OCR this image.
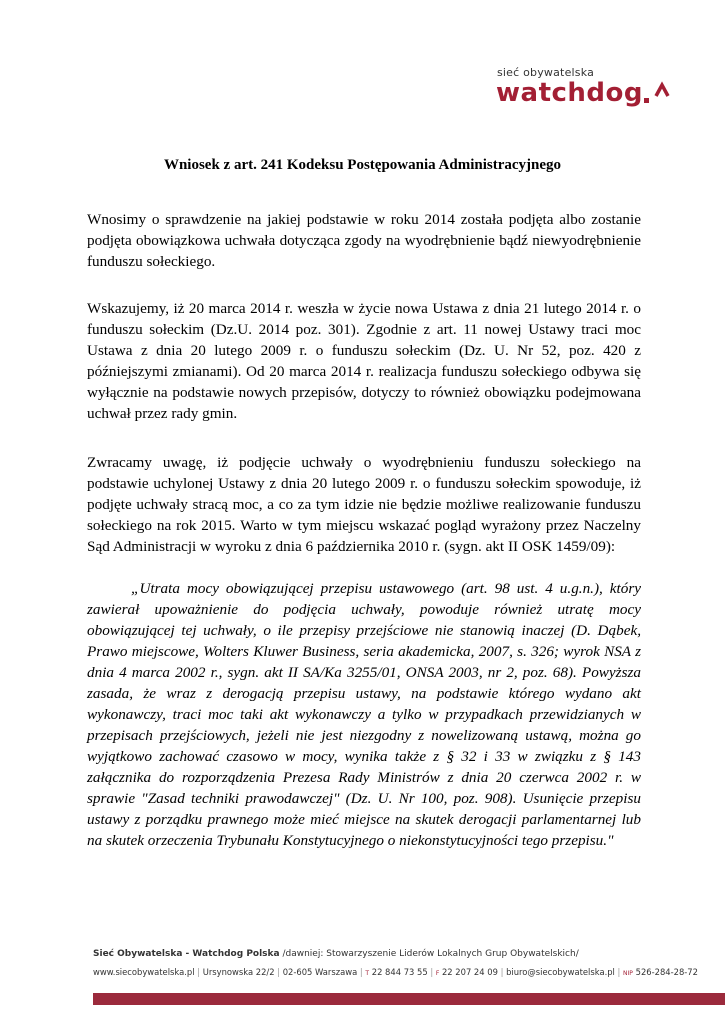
sieć obywatelska
watchdog
Wniosek z art. 241 Kodeksu Postępowania Administracyjnego

Wnosimy o sprawdzenie na jakiej podstawie w roku 2014 została podjęta albo zostanie podjęta obowiązkowa uchwała dotycząca zgody na wyodrębnienie bądź niewyodrębnienie funduszu sołeckiego.

Wskazujemy, iż 20 marca 2014 r. weszła w życie nowa Ustawa z dnia 21 lutego 2014 r. o funduszu sołeckim (Dz.U. 2014 poz. 301). Zgodnie z art. 11 nowej Ustawy traci moc Ustawa z dnia 20 lutego 2009 r. o funduszu sołeckim (Dz. U. Nr 52, poz. 420 z późniejszymi zmianami). Od 20 marca 2014 r. realizacja funduszu sołeckiego odbywa się wyłącznie na podstawie nowych przepisów, dotyczy to również obowiązku podejmowana uchwał przez rady gmin.

Zwracamy uwagę, iż podjęcie uchwały o wyodrębnieniu funduszu sołeckiego na podstawie uchylonej Ustawy z dnia 20 lutego 2009 r. o funduszu sołeckim spowoduje, iż podjęte uchwały stracą moc, a co za tym idzie nie będzie możliwe realizowanie funduszu sołeckiego na rok 2015. Warto w tym miejscu wskazać pogląd wyrażony przez Naczelny Sąd Administracji w wyroku z dnia 6 października 2010 r. (sygn. akt II OSK 1459/09):

„Utrata mocy obowiązującej przepisu ustawowego (art. 98 ust. 4 u.g.n.), który zawierał upoważnienie do podjęcia uchwały, powoduje również utratę mocy obowiązującej tej uchwały, o ile przepisy przejściowe nie stanowią inaczej (D. Dąbek, Prawo miejscowe, Wolters Kluwer Business, seria akademicka, 2007, s. 326; wyrok NSA z dnia 4 marca 2002 r., sygn. akt II SA/Ka 3255/01, ONSA 2003, nr 2, poz. 68). Powyższa zasada, że wraz z derogacją przepisu ustawy, na podstawie którego wydano akt wykonawczy, traci moc taki akt wykonawczy a tylko w przypadkach przewidzianych w przepisach przejściowych, jeżeli nie jest niezgodny z nowelizowaną ustawą, można go wyjątkowo zachować czasowo w mocy, wynika także z § 32 i 33 w związku z § 143 załącznika do rozporządzenia Prezesa Rady Ministrów z dnia 20 czerwca 2002 r. w sprawie "Zasad techniki prawodawczej" (Dz. U. Nr 100, poz. 908). Usunięcie przepisu ustawy z porządku prawnego może mieć miejsce na skutek derogacji parlamentarnej lub na skutek orzeczenia Trybunału Konstytucyjnego o niekonstytucyjności tego przepisu."

Sieć Obywatelska - Watchdog Polska /dawniej: Stowarzyszenie Liderów Lokalnych Grup Obywatelskich/
www.siecobywatelska.pl | Ursynowska 22/2 | 02-605 Warszawa | T 22 844 73 55 | F 22 207 24 09 | biuro@siecobywatelska.pl | NIP 526-284-28-72
